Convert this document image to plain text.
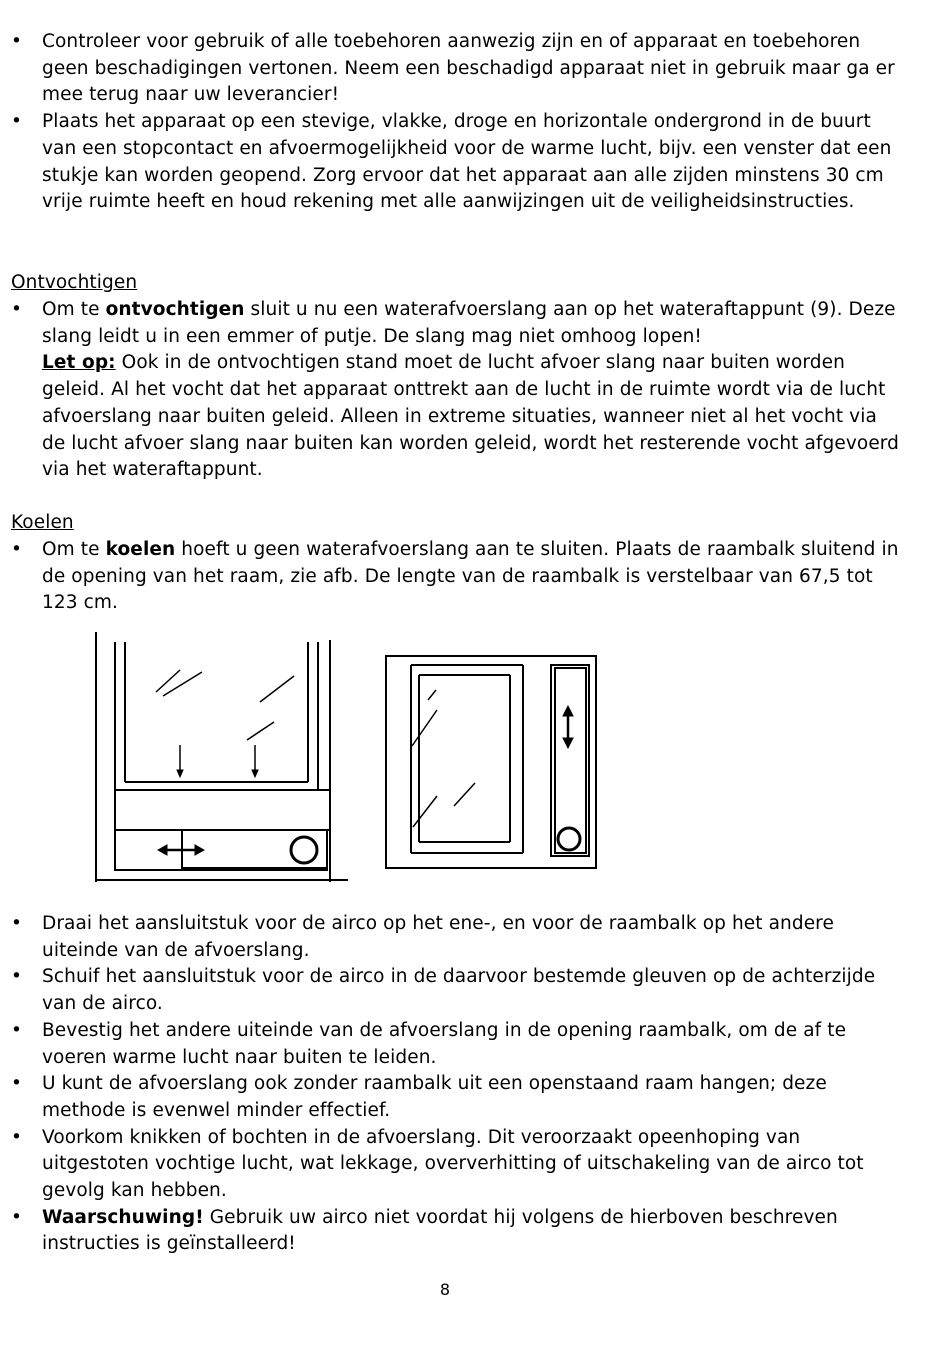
• Controleer voor gebruik of alle toebehoren aanwezig zijn en of apparaat en toebehoren geen beschadigingen vertonen. Neem een beschadigd apparaat niet in gebruik maar ga er mee terug naar uw leverancier!
• Plaats het apparaat op een stevige, vlakke, droge en horizontale ondergrond in de buurt van een stopcontact en afvoermogelijkheid voor de warme lucht, bijv. een venster dat een stukje kan worden geopend. Zorg ervoor dat het apparaat aan alle zijden minstens 30 cm vrije ruimte heeft en houd rekening met alle aanwijzingen uit de veiligheidsinstructies.
Ontvochtigen
• Om te ontvochtigen sluit u nu een waterafvoerslang aan op het wateraftappunt (9). Deze slang leidt u in een emmer of putje. De slang mag niet omhoog lopen!
Let op: Ook in de ontvochtigen stand moet de lucht afvoer slang naar buiten worden geleid. Al het vocht dat het apparaat onttrekt aan de lucht in de ruimte wordt via de lucht afvoerslang naar buiten geleid. Alleen in extreme situaties, wanneer niet al het vocht via de lucht afvoer slang naar buiten kan worden geleid, wordt het resterende vocht afgevoerd via het wateraftappunt.
Koelen
• Om te koelen hoeft u geen waterafvoerslang aan te sluiten. Plaats de raambalk sluitend in de opening van het raam, zie afb. De lengte van de raambalk is verstelbaar van 67,5 tot 123 cm.
• Draai het aansluitstuk voor de airco op het ene-, en voor de raambalk op het andere uiteinde van de afvoerslang.
• Schuif het aansluitstuk voor de airco in de daarvoor bestemde gleuven op de achterzijde van de airco.
• Bevestig het andere uiteinde van de afvoerslang in de opening raambalk, om de af te voeren warme lucht naar buiten te leiden.
• U kunt de afvoerslang ook zonder raambalk uit een openstaand raam hangen; deze methode is evenwel minder effectief.
• Voorkom knikken of bochten in de afvoerslang. Dit veroorzaakt opeenhoping van uitgestoten vochtige lucht, wat lekkage, oververhitting of uitschakeling van de airco tot gevolg kan hebben.
• Waarschuwing! Gebruik uw airco niet voordat hij volgens de hierboven beschreven instructies is geïnstalleerd!
8
